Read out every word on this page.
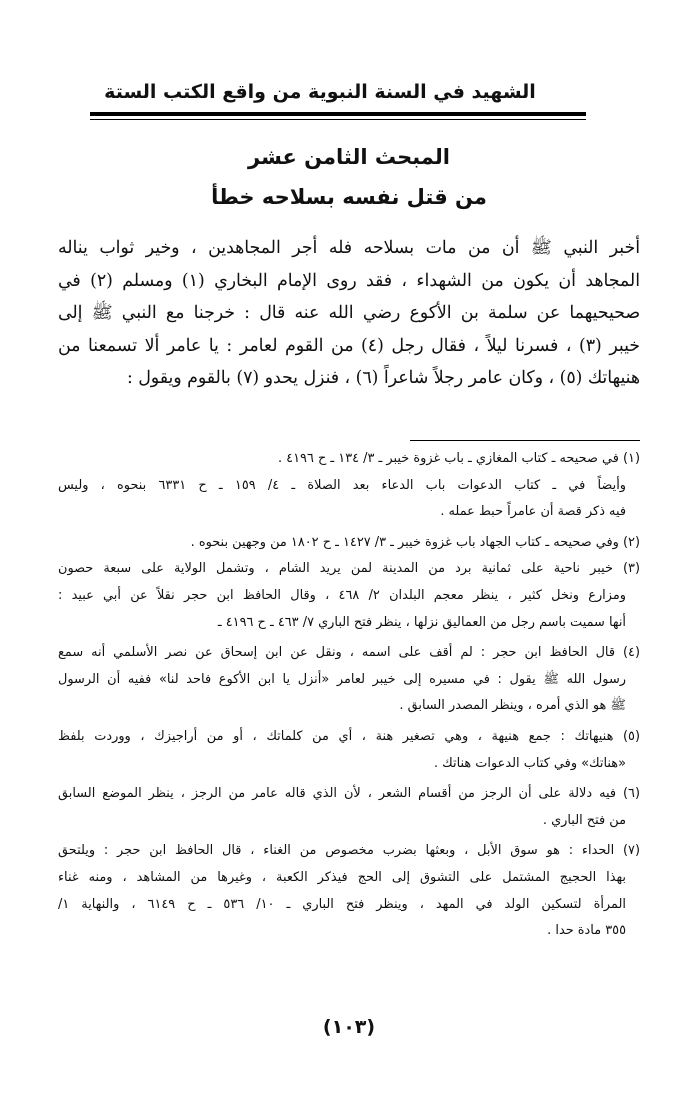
الشهيد في السنة النبوية من واقع الكتب الستة
المبحث الثامن عشر
من قتل نفسه بسلاحه خطأ
أخبر النبي ﷺ أن من مات بسلاحه فله أجر المجاهدين ، وخير ثواب يناله
المجاهد أن يكون من الشهداء ، فقد روى الإمام البخاري (١) ومسلم (٢) في
صحيحيهما عن سلمة بن الأكوع رضي الله عنه قال : خرجنا مع النبي ﷺ إلى
خيبر (٣) ، فسرنا ليلاً ، فقال رجل (٤) من القوم لعامر : يا عامر ألا تسمعنا من
هنيهاتك (٥) ، وكان عامر رجلاً شاعراً (٦) ، فنزل يحدو (٧) بالقوم ويقول :
(١) في صحيحه ـ كتاب المغازي ـ باب غزوة خيبر ـ ٣/ ١٣٤ ـ ح ٤١٩٦ .
وأيضاً في ـ كتاب الدعوات باب الدعاء بعد الصلاة ـ ٤/ ١٥٩ ـ ح ٦٣٣١ بنحوه ، وليس
فيه ذكر قصة أن عامراً حبط عمله .
(٢) وفي صحيحه ـ كتاب الجهاد باب غزوة خيبر ـ ٣/ ١٤٢٧ ـ ح ١٨٠٢ من وجهين بنحوه .
(٣) خيبر ناحية على ثمانية برد من المدينة لمن يريد الشام ، وتشمل الولاية على سبعة حصون
ومزارع ونخل كثير ، ينظر معجم البلدان ٢/ ٤٦٨ ، وقال الحافظ ابن حجر نقلاً عن أبي عبيد :
أنها سميت باسم رجل من العماليق نزلها ، ينظر فتح الباري ٧/ ٤٦٣ ـ ح ٤١٩٦ ـ
(٤) قال الحافظ ابن حجر : لم أقف على اسمه ، ونقل عن ابن إسحاق عن نصر الأسلمي أنه سمع
رسول الله ﷺ يقول : في مسيره إلى خيبر لعامر «أنزل يا ابن الأكوع فاحد لنا» ففيه أن الرسول
ﷺ هو الذي أمره ، وينظر المصدر السابق .
(٥) هنيهاتك : جمع هنيهة ، وهي تصغير هنة ، أي من كلماتك ، أو من أراجيزك ، ووردت بلفظ
«هناتك» وفي كتاب الدعوات هناتك .
(٦) فيه دلالة على أن الرجز من أقسام الشعر ، لأن الذي قاله عامر من الرجز ، ينظر الموضع السابق
من فتح الباري .
(٧) الحداء : هو سوق الأبل ، وبعثها بضرب مخصوص من الغناء ، قال الحافظ ابن حجر : ويلتحق
بهذا الحجيج المشتمل على التشوق إلى الحج فيذكر الكعبة ، وغيرها من المشاهد ، ومنه غناء
المرأة لتسكين الولد في المهد ، وينظر فتح الباري ـ ١٠/ ٥٣٦ ـ ح ٦١٤٩ ، والنهاية ١/
٣٥٥ مادة حدا .
(١٠٣)
